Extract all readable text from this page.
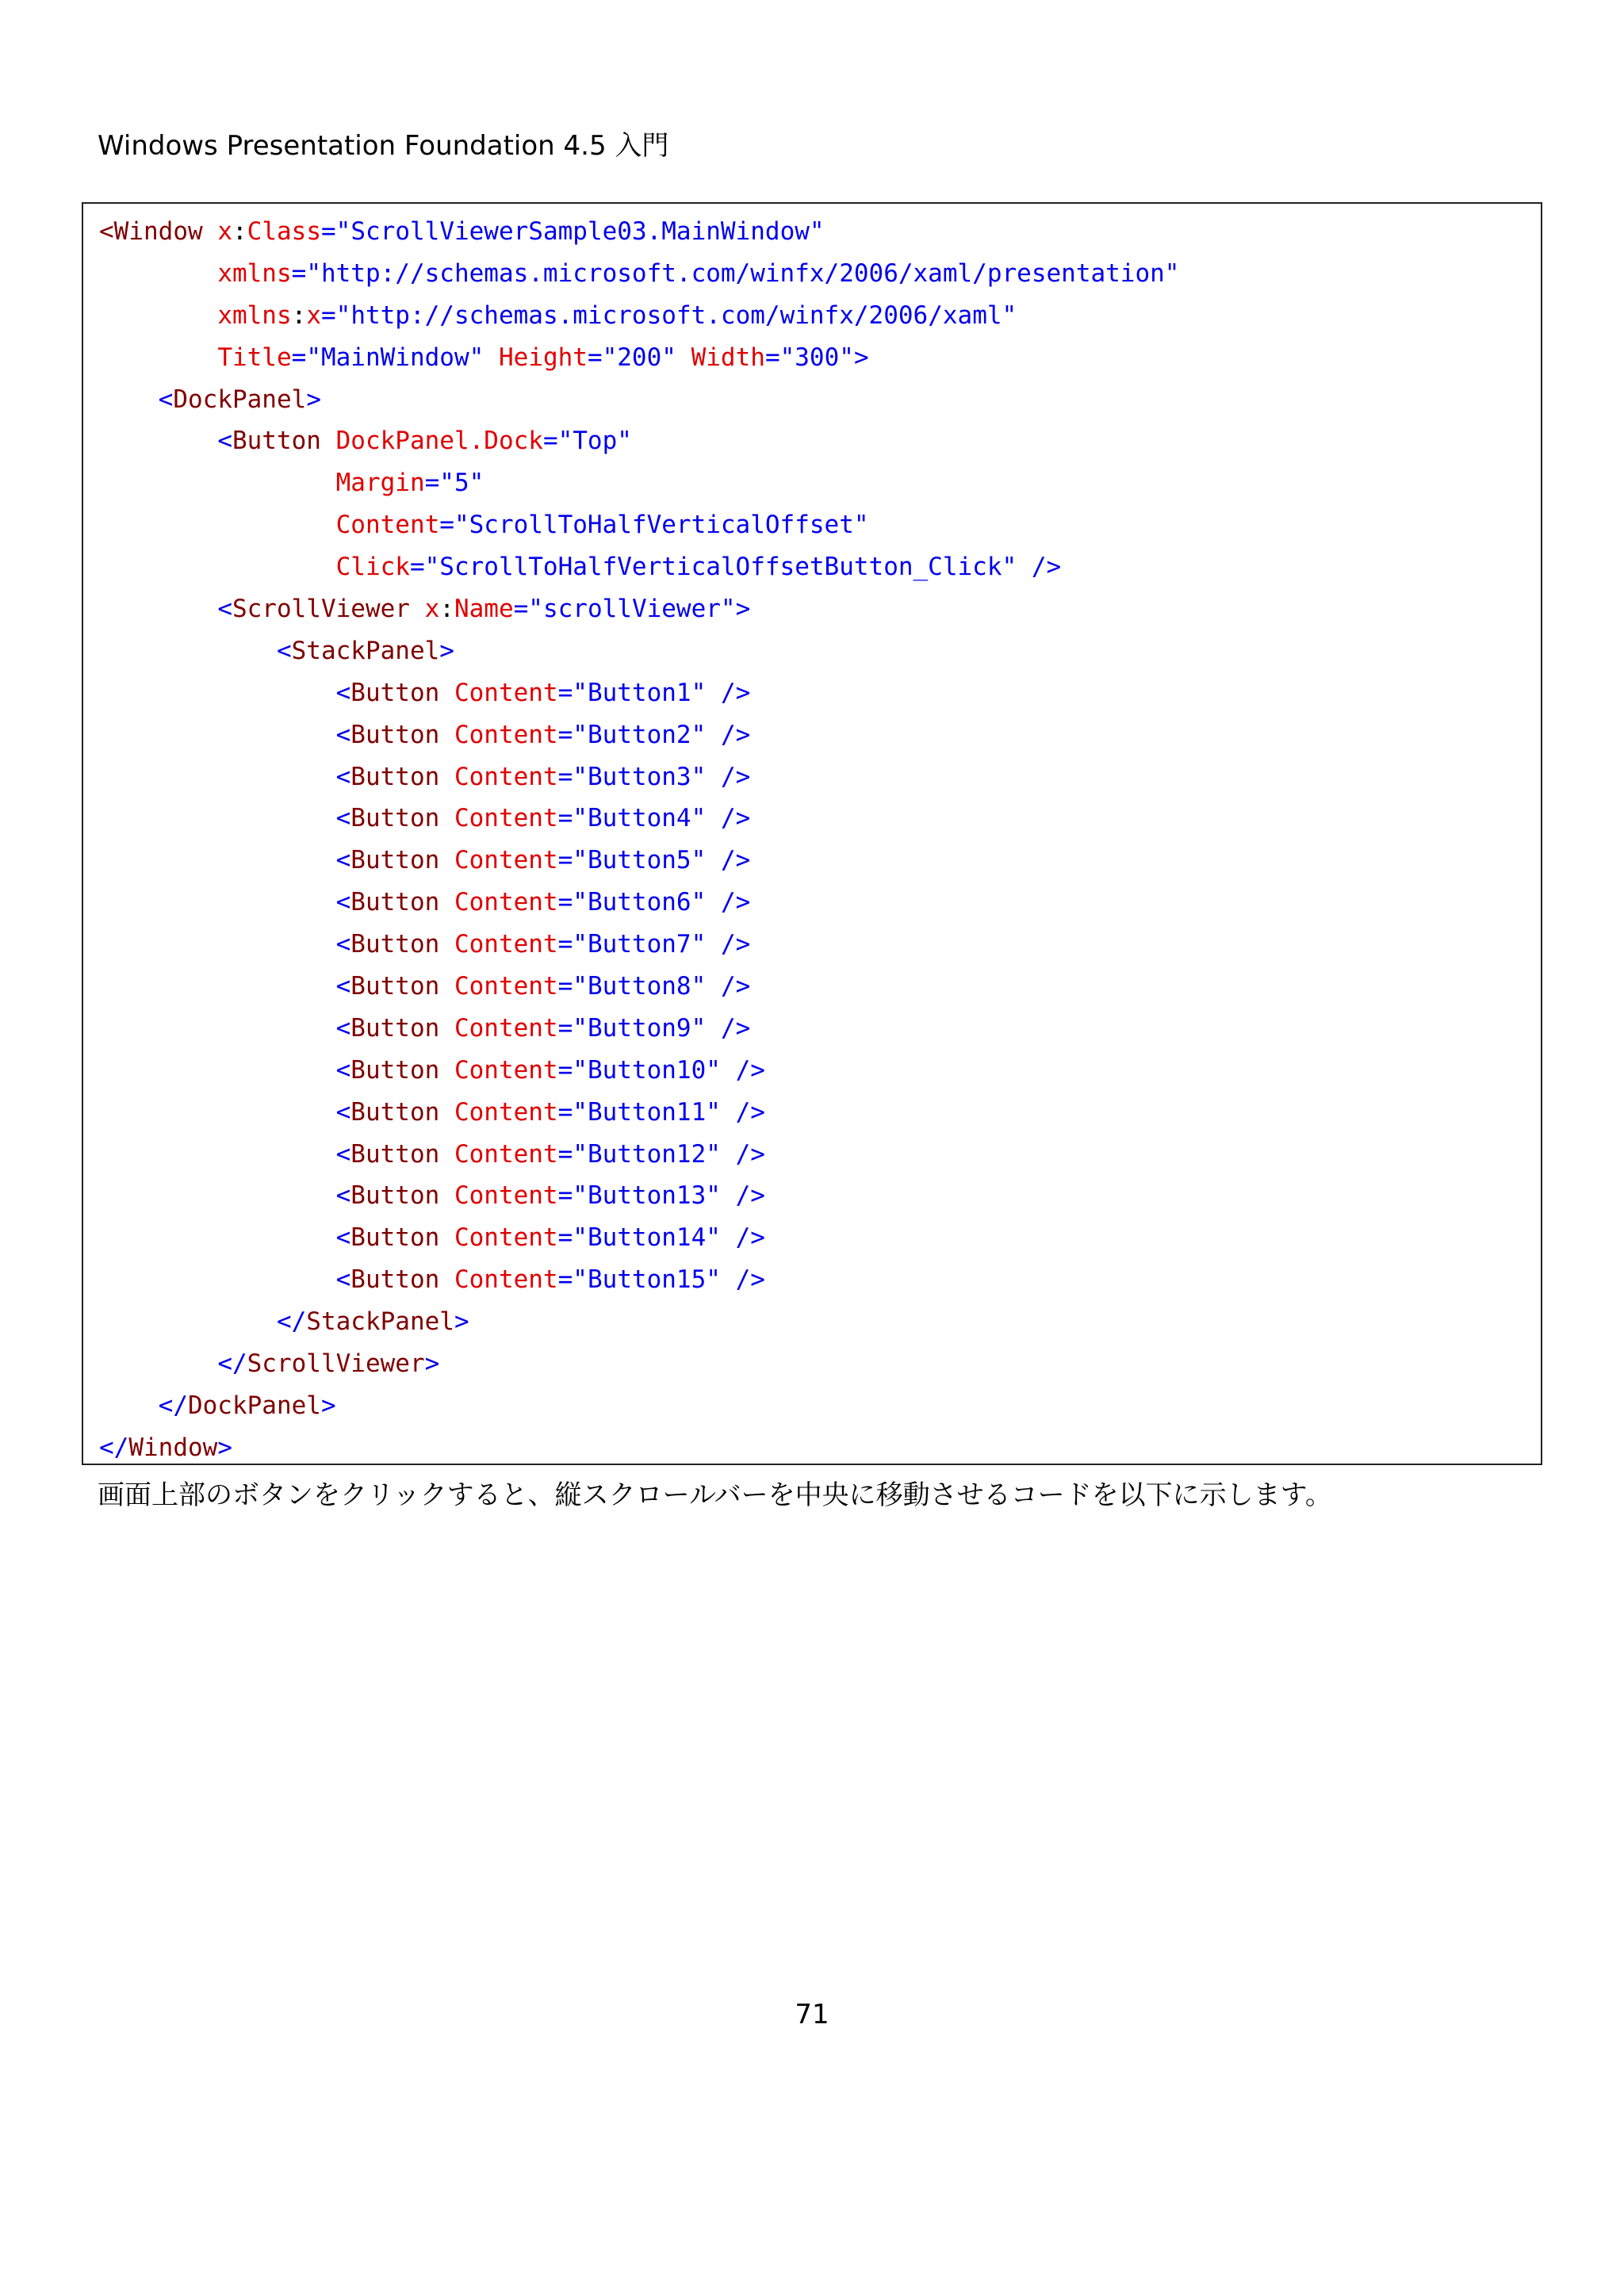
Windows Presentation Foundation 4.5 入門
<Window x:Class="ScrollViewerSample03.MainWindow"
xmlns="http://schemas.microsoft.com/winfx/2006/xaml/presentation"
xmlns:x="http://schemas.microsoft.com/winfx/2006/xaml"
Title="MainWindow" Height="200" Width="300">
<DockPanel>
<Button DockPanel.Dock="Top"
Margin="5"
Content="ScrollToHalfVerticalOffset"
Click="ScrollToHalfVerticalOffsetButton_Click" />
<ScrollViewer x:Name="scrollViewer">
<StackPanel>
<Button Content="Button1" />
<Button Content="Button2" />
<Button Content="Button3" />
<Button Content="Button4" />
<Button Content="Button5" />
<Button Content="Button6" />
<Button Content="Button7" />
<Button Content="Button8" />
<Button Content="Button9" />
<Button Content="Button10" />
<Button Content="Button11" />
<Button Content="Button12" />
<Button Content="Button13" />
<Button Content="Button14" />
<Button Content="Button15" />
</StackPanel>
</ScrollViewer>
</DockPanel>
</Window>
画面上部のボタンをクリックすると、縦スクロールバーを中央に移動させるコードを以下に示します。
71
